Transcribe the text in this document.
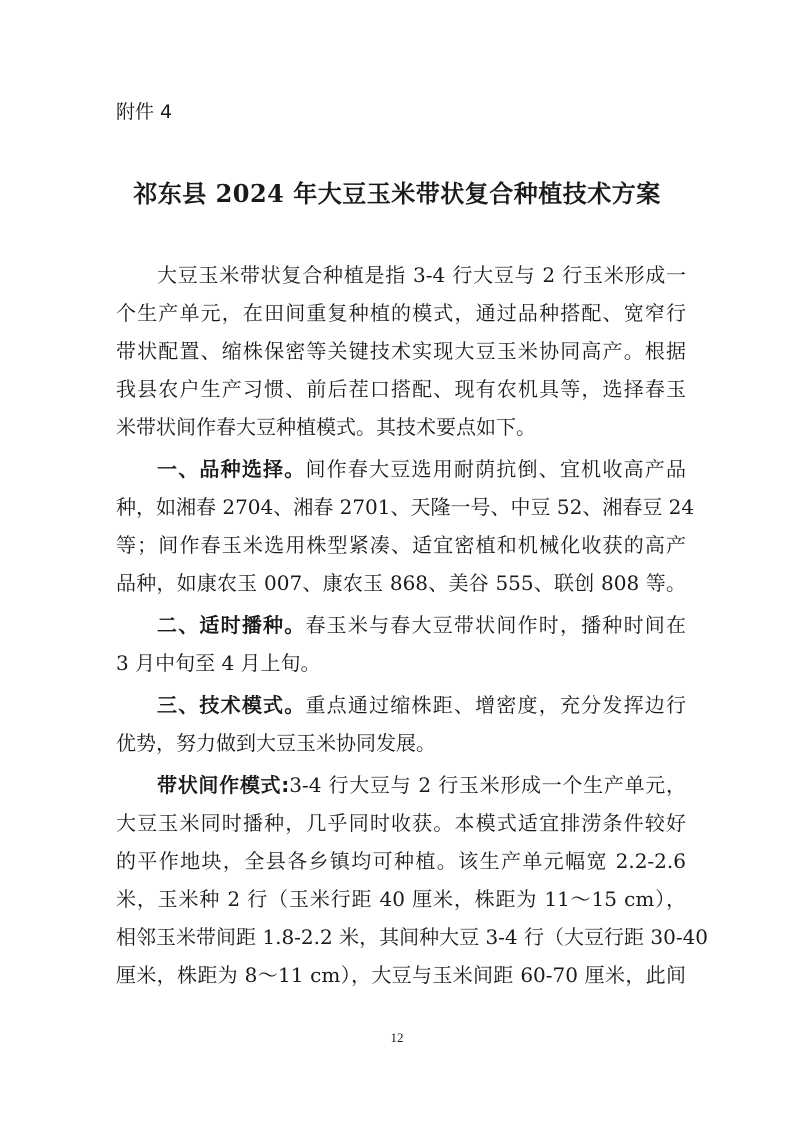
附件 4
祁东县 2024 年大豆玉米带状复合种植技术方案
大豆玉米带状复合种植是指 3-4 行大豆与 2 行玉米形成一
个生产单元，在田间重复种植的模式，通过品种搭配、宽窄行
带状配置、缩株保密等关键技术实现大豆玉米协同高产。根据
我县农户生产习惯、前后茬口搭配、现有农机具等，选择春玉
米带状间作春大豆种植模式。其技术要点如下。
一、品种选择。间作春大豆选用耐荫抗倒、宜机收高产品
种，如湘春 2704、湘春 2701、天隆一号、中豆 52、湘春豆 24
等；间作春玉米选用株型紧凑、适宜密植和机械化收获的高产
品种，如康农玉 007、康农玉 868、美谷 555、联创 808 等。
二、适时播种。春玉米与春大豆带状间作时，播种时间在
3 月中旬至 4 月上旬。
三、技术模式。重点通过缩株距、增密度，充分发挥边行
优势，努力做到大豆玉米协同发展。
带状间作模式:3-4 行大豆与 2 行玉米形成一个生产单元，
大豆玉米同时播种，几乎同时收获。本模式适宜排涝条件较好
的平作地块，全县各乡镇均可种植。该生产单元幅宽 2.2-2.6
米，玉米种 2 行（玉米行距 40 厘米，株距为 11～15 cm），
相邻玉米带间距 1.8-2.2 米，其间种大豆 3-4 行（大豆行距 30-40
厘米，株距为 8～11 cm），大豆与玉米间距 60-70 厘米，此间
12
